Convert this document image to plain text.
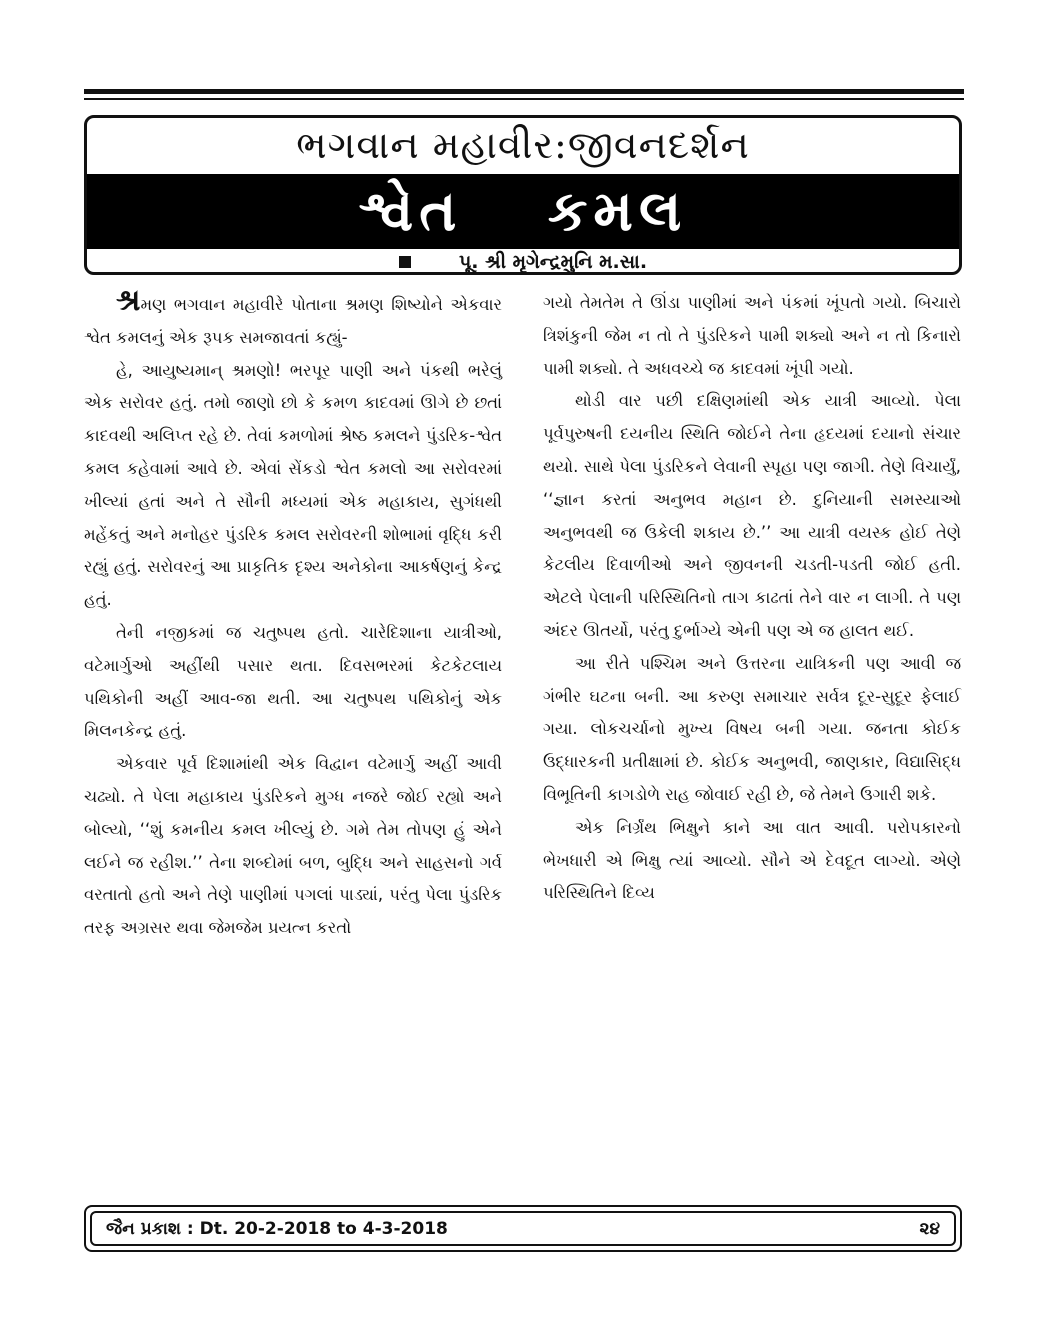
ભગવાન મહાવીર:જીવનદર્શન
શ્વેત કમલ
પૂ. શ્રી મૃગેન્દ્રમુનિ મ.સા.

શ્રમણ ભગવાન મહાવીરે પોતાના શ્રમણ શિષ્યોને એકવાર શ્વેત કમલનું એક રૂપક સમજાવતાં કહ્યું-

હે, આયુષ્યમાન્ શ્રમણો! ભરપૂર પાણી અને પંકથી ભરેલું એક સરોવર હતું. તમો જાણો છો કે કમળ કાદવમાં ઊગે છે છતાં કાદવથી અલિપ્ત રહે છે. તેવાં કમળોમાં શ્રેષ્ઠ કમલને પુંડરિક-શ્વેત કમલ કહેવામાં આવે છે. એવાં સેંકડો શ્વેત કમલો આ સરોવરમાં ખીલ્યાં હતાં અને તે સૌની મધ્યમાં એક મહાકાય, સુગંધથી મહેંકતું અને મનોહર પુંડરિક કમલ સરોવરની શોભામાં વૃદ્ધિ કરી રહ્યું હતું. સરોવરનું આ પ્રાકૃતિક દૃશ્ય અનેકોના આકર્ષણનું કેન્દ્ર હતું.

તેની નજીકમાં જ ચતુષ્પથ હતો. ચારેદિશાના યાત્રીઓ, વટેમાર્ગુઓ અહીંથી પસાર થતા. દિવસભરમાં કેટકેટલાય પથિકોની અહીં આવ-જા થતી. આ ચતુષ્પથ પથિકોનું એક મિલનકેન્દ્ર હતું.

એકવાર પૂર્વ દિશામાંથી એક વિદ્વાન વટેમાર્ગુ અહીં આવી ચઢ્યો. તે પેલા મહાકાય પુંડરિકને મુગ્ધ નજરે જોઈ રહ્યો અને બોલ્યો, ‘‘શું કમનીય કમલ ખીલ્યું છે. ગમે તેમ તોપણ હું એને લઈને જ રહીશ.’’ તેના શબ્દોમાં બળ, બુદ્ધિ અને સાહસનો ગર્વ વરતાતો હતો અને તેણે પાણીમાં પગલાં પાડ્યાં, પરંતુ પેલા પુંડરિક તરફ અગ્રસર થવા જેમજેમ પ્રયત્ન કરતો

ગયો તેમતેમ તે ઊંડા પાણીમાં અને પંકમાં ખૂંપતો ગયો. બિચારો ત્રિશંકુની જેમ ન તો તે પુંડરિકને પામી શક્યો અને ન તો કિનારો પામી શક્યો. તે અધવચ્ચે જ કાદવમાં ખૂંપી ગયો.

થોડી વાર પછી દક્ષિણમાંથી એક યાત્રી આવ્યો. પેલા પૂર્વપુરુષની દયનીય સ્થિતિ જોઈને તેના હૃદયમાં દયાનો સંચાર થયો. સાથે પેલા પુંડરિકને લેવાની સ્પૃહા પણ જાગી. તેણે વિચાર્યું, ‘‘જ્ઞાન કરતાં અનુભવ મહાન છે. દુનિયાની સમસ્યાઓ અનુભવથી જ ઉકેલી શકાય છે.’’ આ યાત્રી વયસ્ક હોઈ તેણે કેટલીય દિવાળીઓ અને જીવનની ચડતી-પડતી જોઈ હતી. એટલે પેલાની પરિસ્થિતિનો તાગ કાઢતાં તેને વાર ન લાગી. તે પણ અંદર ઊતર્યો, પરંતુ દુર્ભાગ્યે એની પણ એ જ હાલત થઈ.

આ રીતે પશ્ચિમ અને ઉત્તરના યાત્રિકની પણ આવી જ ગંભીર ઘટના બની. આ કરુણ સમાચાર સર્વત્ર દૂર-સુદૂર ફેલાઈ ગયા. લોકચર્ચાનો મુખ્ય વિષય બની ગયા. જનતા કોઈક ઉદ્ધારકની પ્રતીક્ષામાં છે. કોઈક અનુભવી, જાણકાર, વિદ્યાસિદ્ધ વિભૂતિની કાગડોળે રાહ જોવાઈ રહી છે, જે તેમને ઉગારી શકે.

એક નિર્ગ્રંથ ભિક્ષુને કાને આ વાત આવી. પરોપકારનો ભેખધારી એ ભિક્ષુ ત્યાં આવ્યો. સૌને એ દેવદૂત લાગ્યો. એણે પરિસ્થિતિને દિવ્ય

જૈન પ્રકાશ : Dt. 20-2-2018 to 4-3-2018	૨૪
